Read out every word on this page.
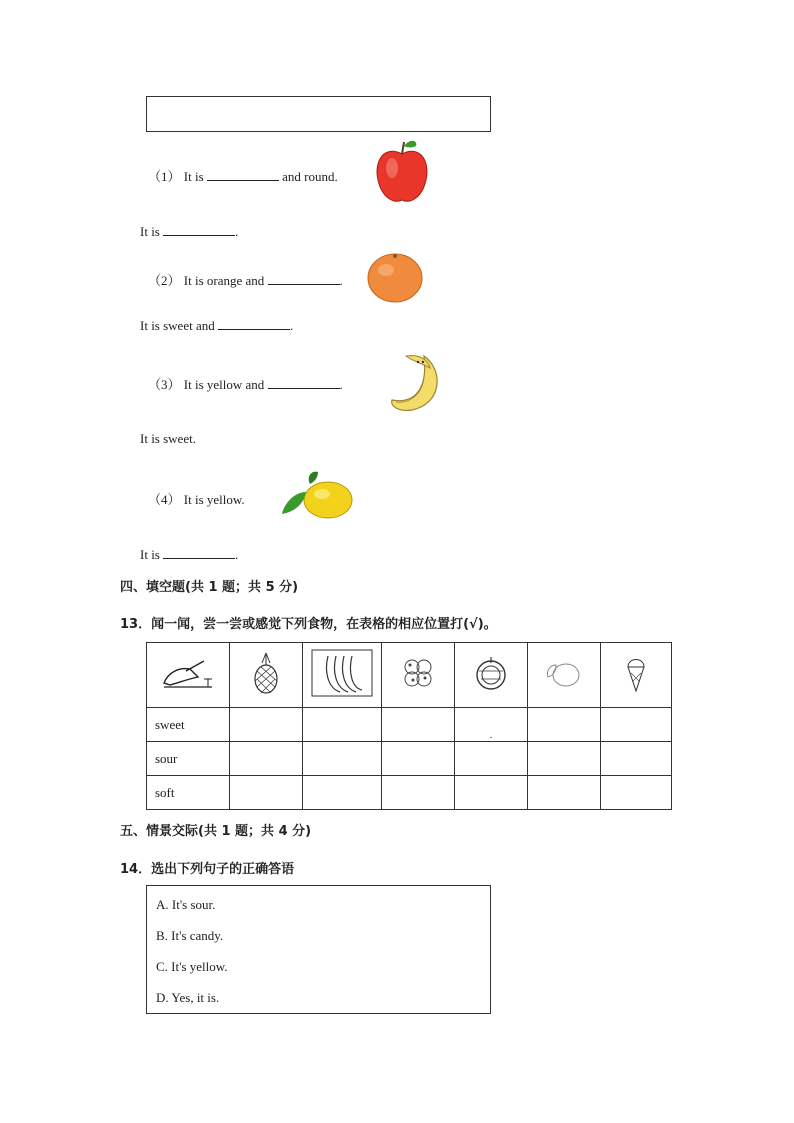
（1） It is	and round.
It is	.
（2） It is orange and	.
It is sweet and	.
（3） It is yellow and	.
It is sweet.
（4） It is yellow.
It is	.
四、填空题(共 1 题；共 5 分)
13．闻一闻，尝一尝或感觉下列食物，在表格的相应位置打(√)。

sweet				.		
sour						
soft						
五、情景交际(共 1 题；共 4 分)
14．选出下列句子的正确答语
A. It's sour.
B. It's candy.
C. It's yellow.
D. Yes, it is.
